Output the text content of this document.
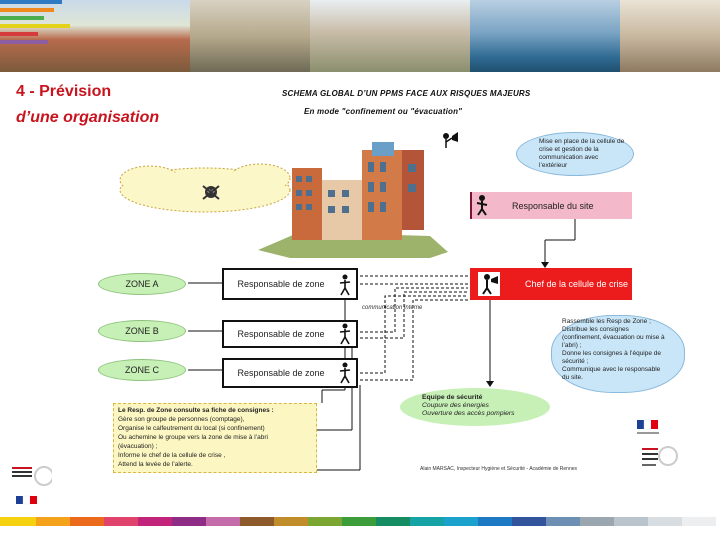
4 - Prévision
d’une organisation
SCHEMA GLOBAL D’UN PPMS FACE AUX RISQUES MAJEURS
En mode "confinement ou "évacuation"
Mise en place de la cellule de
crise et gestion de la
communication avec
l’extérieur
Responsable du site
Chef de la cellule de crise
ZONE A
ZONE B
ZONE C
Responsable de zone
Responsable de zone
Responsable de zone
communication interne
Rassemble les Resp de Zone ;
Distribue les consignes
(confinement, évacuation ou mise à
l’abri) ;
Donne les consignes à l’équipe de
sécurité ;
Communique avec le responsable
du site.
Equipe de sécurité
Coupure des énergies
Ouverture des accès pompiers
Le Resp. de Zone consulte sa fiche de consignes :
Gère son groupe de personnes (comptage),
Organise le calfeutrement du local (si confinement)
Ou achemine le groupe vers la zone de mise à l’abri
(évacuation) ;
Informe le chef de la cellule de crise ,
Attend la levée de l’alerte.
Alain MARSAC, Inspecteur Hygiène et Sécurité - Académie de Rennes
